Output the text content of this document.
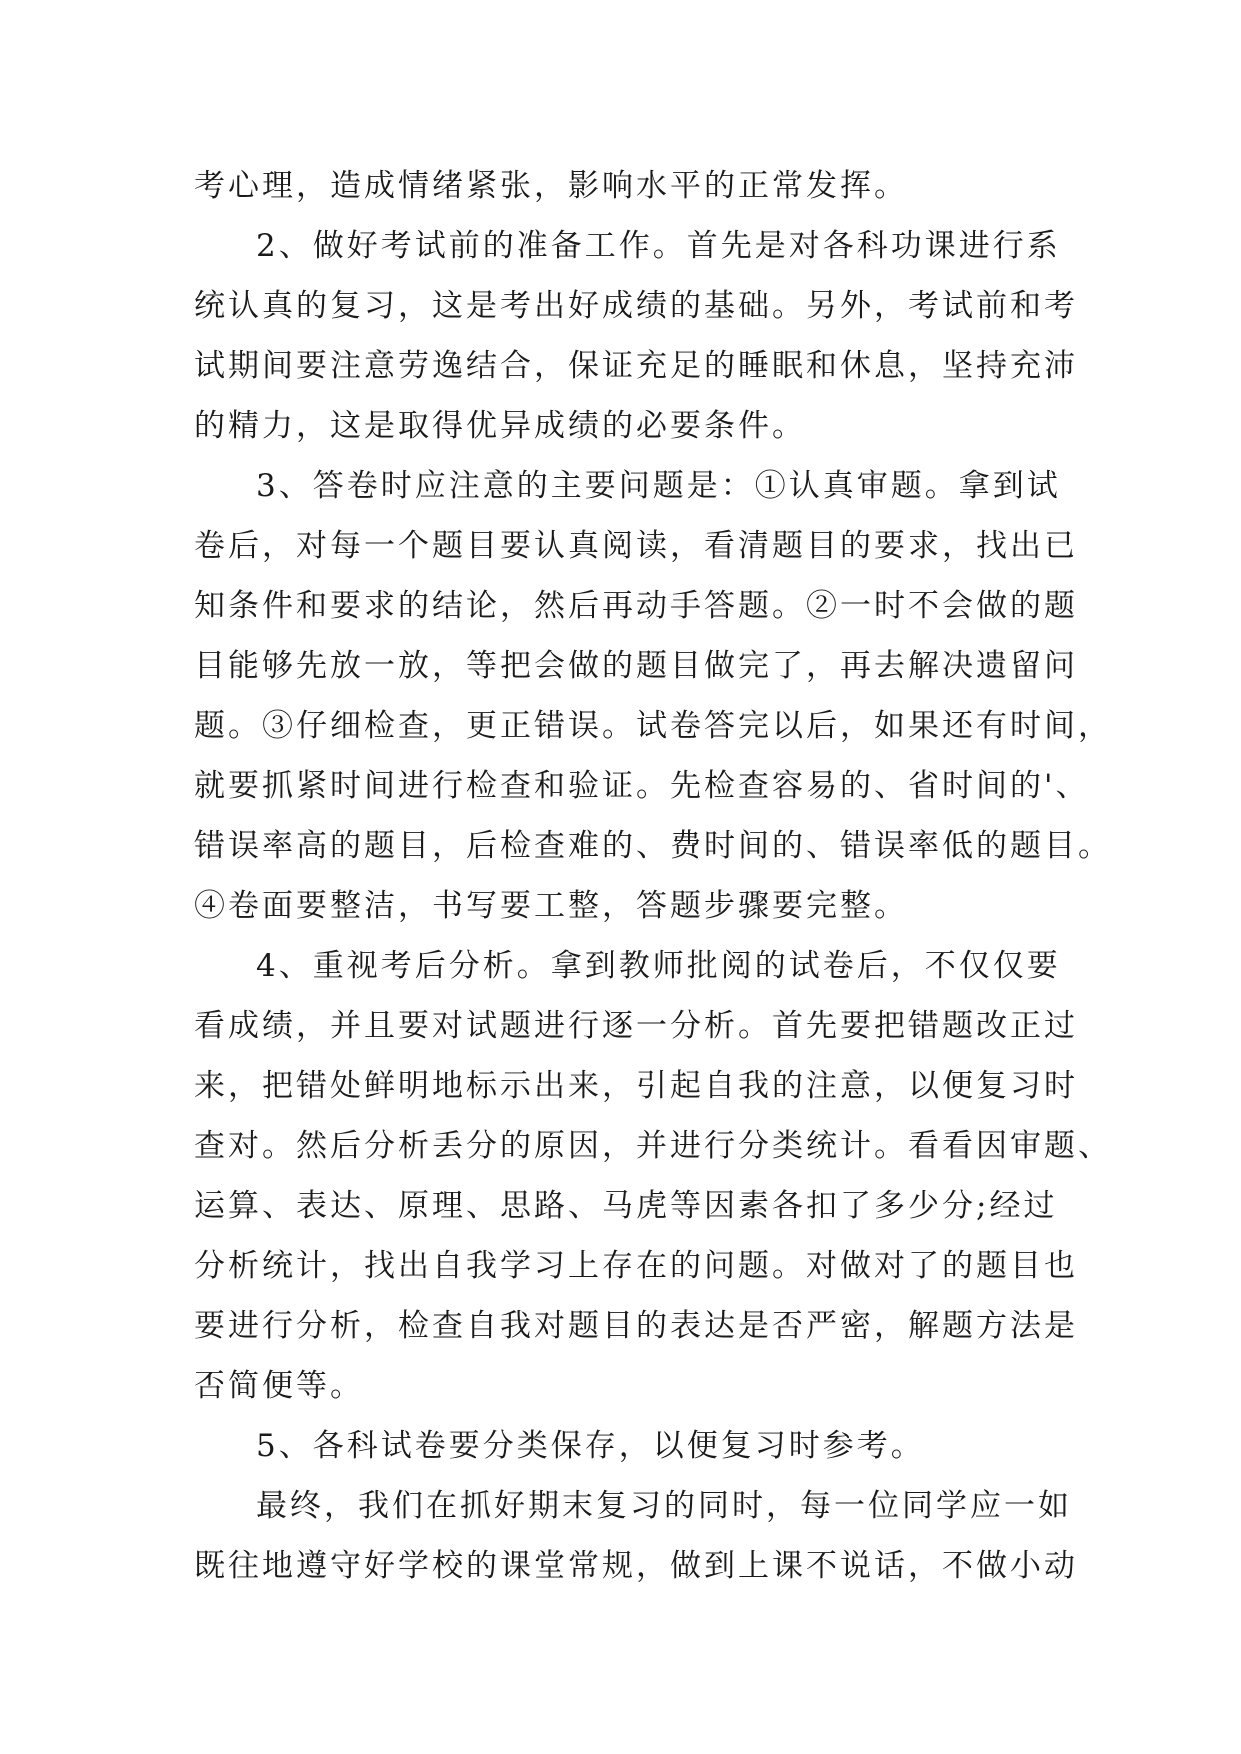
考心理，造成情绪紧张，影响水平的正常发挥。
2、做好考试前的准备工作。首先是对各科功课进行系
统认真的复习，这是考出好成绩的基础。另外，考试前和考
试期间要注意劳逸结合，保证充足的睡眠和休息，坚持充沛
的精力，这是取得优异成绩的必要条件。
3、答卷时应注意的主要问题是：①认真审题。拿到试
卷后，对每一个题目要认真阅读，看清题目的要求，找出已
知条件和要求的结论，然后再动手答题。②一时不会做的题
目能够先放一放，等把会做的题目做完了，再去解决遗留问
题。③仔细检查，更正错误。试卷答完以后，如果还有时间，
就要抓紧时间进行检查和验证。先检查容易的、省时间的'、
错误率高的题目，后检查难的、费时间的、错误率低的题目。
④卷面要整洁，书写要工整，答题步骤要完整。
4、重视考后分析。拿到教师批阅的试卷后，不仅仅要
看成绩，并且要对试题进行逐一分析。首先要把错题改正过
来，把错处鲜明地标示出来，引起自我的注意，以便复习时
查对。然后分析丢分的原因，并进行分类统计。看看因审题、
运算、表达、原理、思路、马虎等因素各扣了多少分;经过
分析统计，找出自我学习上存在的问题。对做对了的题目也
要进行分析，检查自我对题目的表达是否严密，解题方法是
否简便等。
5、各科试卷要分类保存，以便复习时参考。
最终，我们在抓好期末复习的同时，每一位同学应一如
既往地遵守好学校的课堂常规，做到上课不说话，不做小动
